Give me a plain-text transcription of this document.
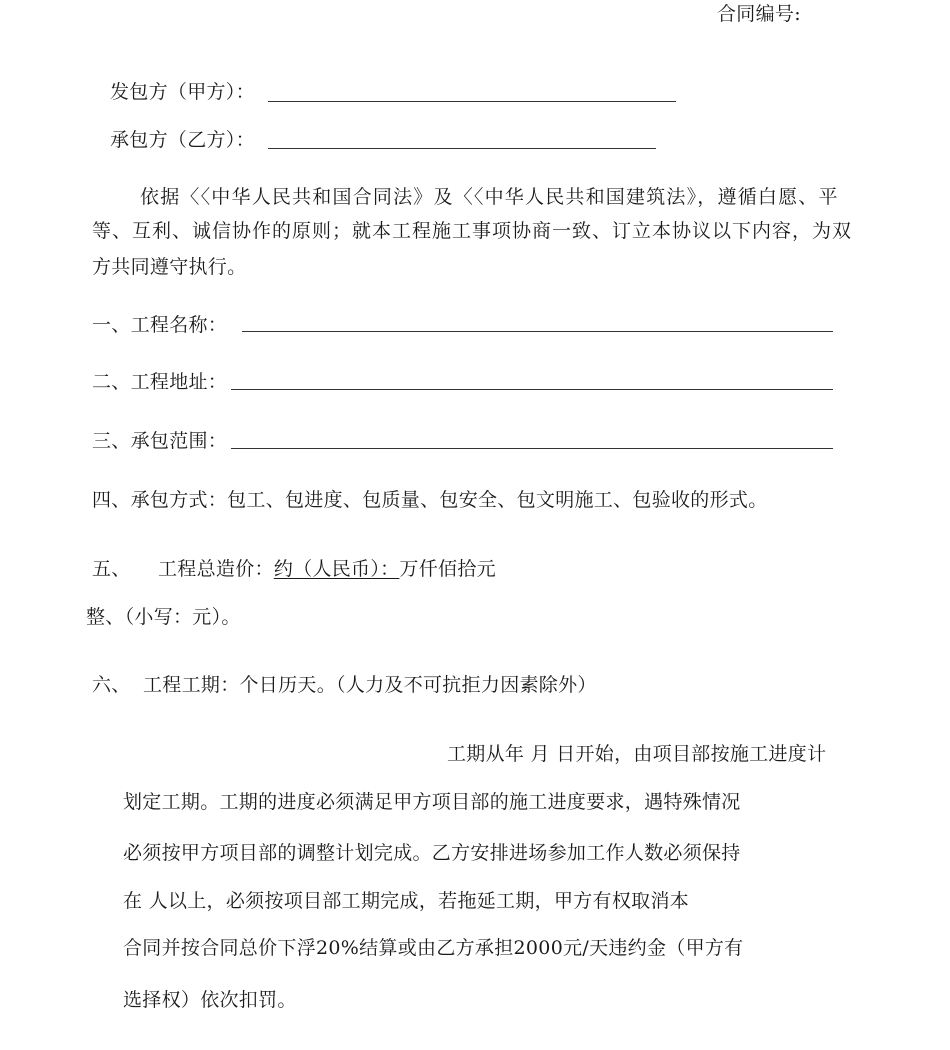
合同编号:
发包方（甲方）：
承包方（乙方）：
依据〈〈中华人民共和国合同法》及〈〈中华人民共和国建筑法》，遵循白愿、平
等、互利、诚信协作的原则；就本工程施工事项协商一致、订立本协议以下内容，为双
方共同遵守执行。
一、工程名称：
二、工程地址：
三、承包范围：
四、承包方式：包工、包进度、包质量、包安全、包文明施工、包验收的形式。
五、 工程总造价：约（人民币）：万仟佰拾元
整、（小写：元）。
六、 工程工期：个日历天。（人力及不可抗拒力因素除外）
工期从年 月 日开始，由项目部按施工进度计
划定工期。工期的进度必须满足甲方项目部的施工进度要求，遇特殊情况
必须按甲方项目部的调整计划完成。乙方安排进场参加工作人数必须保持
在 人以上，必须按项目部工期完成，若拖延工期，甲方有权取消本
合同并按合同总价下浮20%结算或由乙方承担2000元/天违约金（甲方有
选择权）依次扣罚。
